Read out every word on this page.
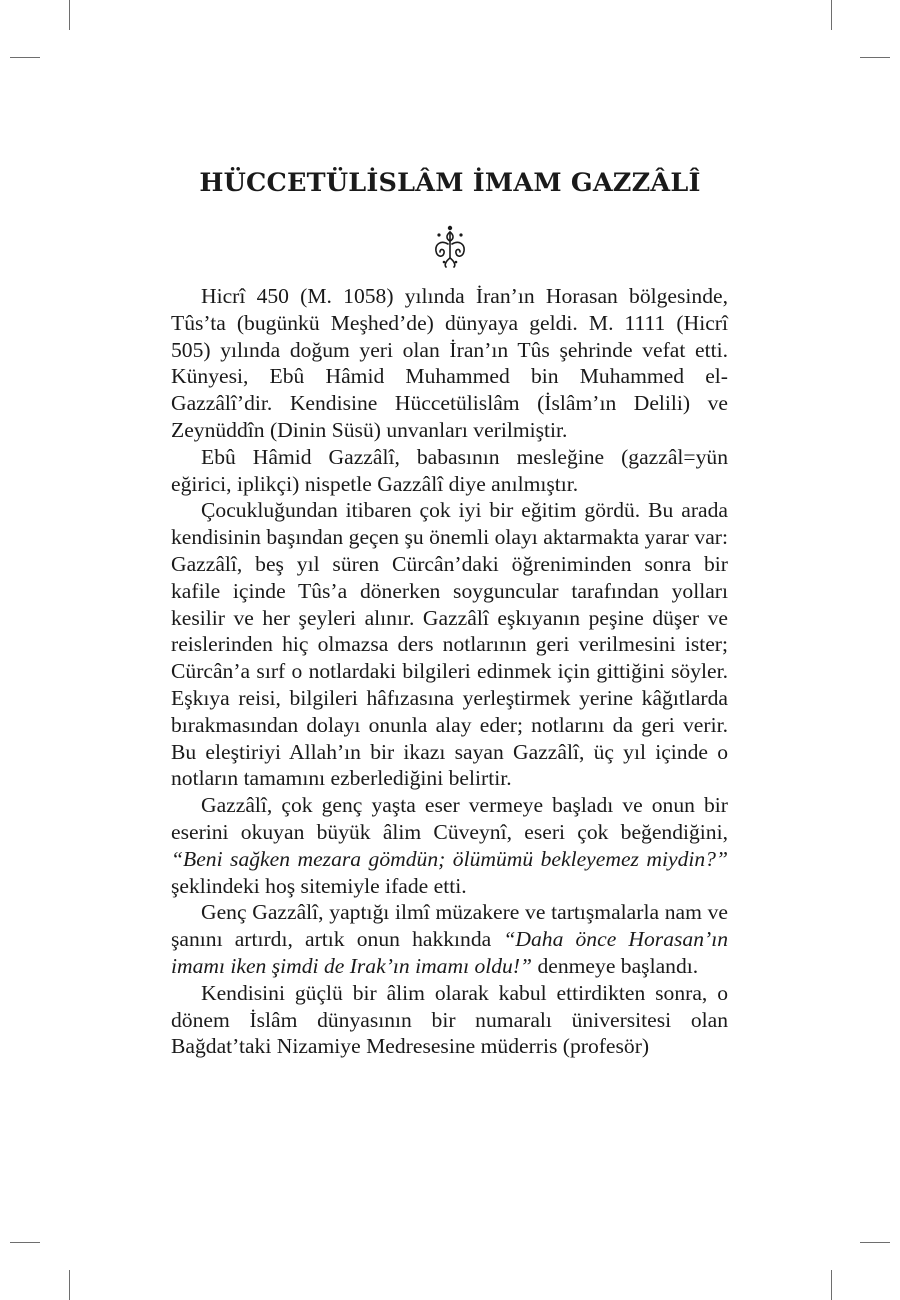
HÜCCETÜLİSLÂM İMAM GAZZÂLÎ

Hicrî 450 (M. 1058) yılında İran’ın Horasan bölgesinde, Tûs’ta (bugünkü Meşhed’de) dünyaya geldi. M. 1111 (Hicrî 505) yılında doğum yeri olan İran’ın Tûs şehrinde vefat etti. Künyesi, Ebû Hâmid Muhammed bin Muhammed el-Gazzâlî’dir. Kendisine Hüccetülislâm (İslâm’ın Delili) ve Zeynüddîn (Dinin Süsü) unvanları verilmiştir.

Ebû Hâmid Gazzâlî, babasının mesleğine (gazzâl=yün eğirici, iplikçi) nispetle Gazzâlî diye anılmıştır.

Çocukluğundan itibaren çok iyi bir eğitim gördü. Bu arada kendisinin başından geçen şu önemli olayı aktarmakta yarar var: Gazzâlî, beş yıl süren Cürcân’daki öğreniminden sonra bir kafile içinde Tûs’a dönerken soyguncular tarafından yolları kesilir ve her şeyleri alınır. Gazzâlî eşkıyanın peşine düşer ve reislerinden hiç olmazsa ders notlarının geri verilmesini ister; Cürcân’a sırf o notlardaki bilgileri edinmek için gittiğini söyler. Eşkıya reisi, bilgileri hâfızasına yerleştirmek yerine kâğıtlarda bırakmasından dolayı onunla alay eder; notlarını da geri verir. Bu eleştiriyi Allah’ın bir ikazı sayan Gazzâlî, üç yıl içinde o notların tamamını ezberlediğini belirtir.

Gazzâlî, çok genç yaşta eser vermeye başladı ve onun bir eserini okuyan büyük âlim Cüveynî, eseri çok beğendiğini, “Beni sağken mezara gömdün; ölümümü bekleyemez miydin?” şeklindeki hoş sitemiyle ifade etti.

Genç Gazzâlî, yaptığı ilmî müzakere ve tartışmalarla nam ve şanını artırdı, artık onun hakkında “Daha önce Horasan’ın imamı iken şimdi de Irak’ın imamı oldu!” denmeye başlandı.

Kendisini güçlü bir âlim olarak kabul ettirdikten sonra, o dönem İslâm dünyasının bir numaralı üniversitesi olan Bağdat’taki Nizamiye Medresesine müderris (profesör)
